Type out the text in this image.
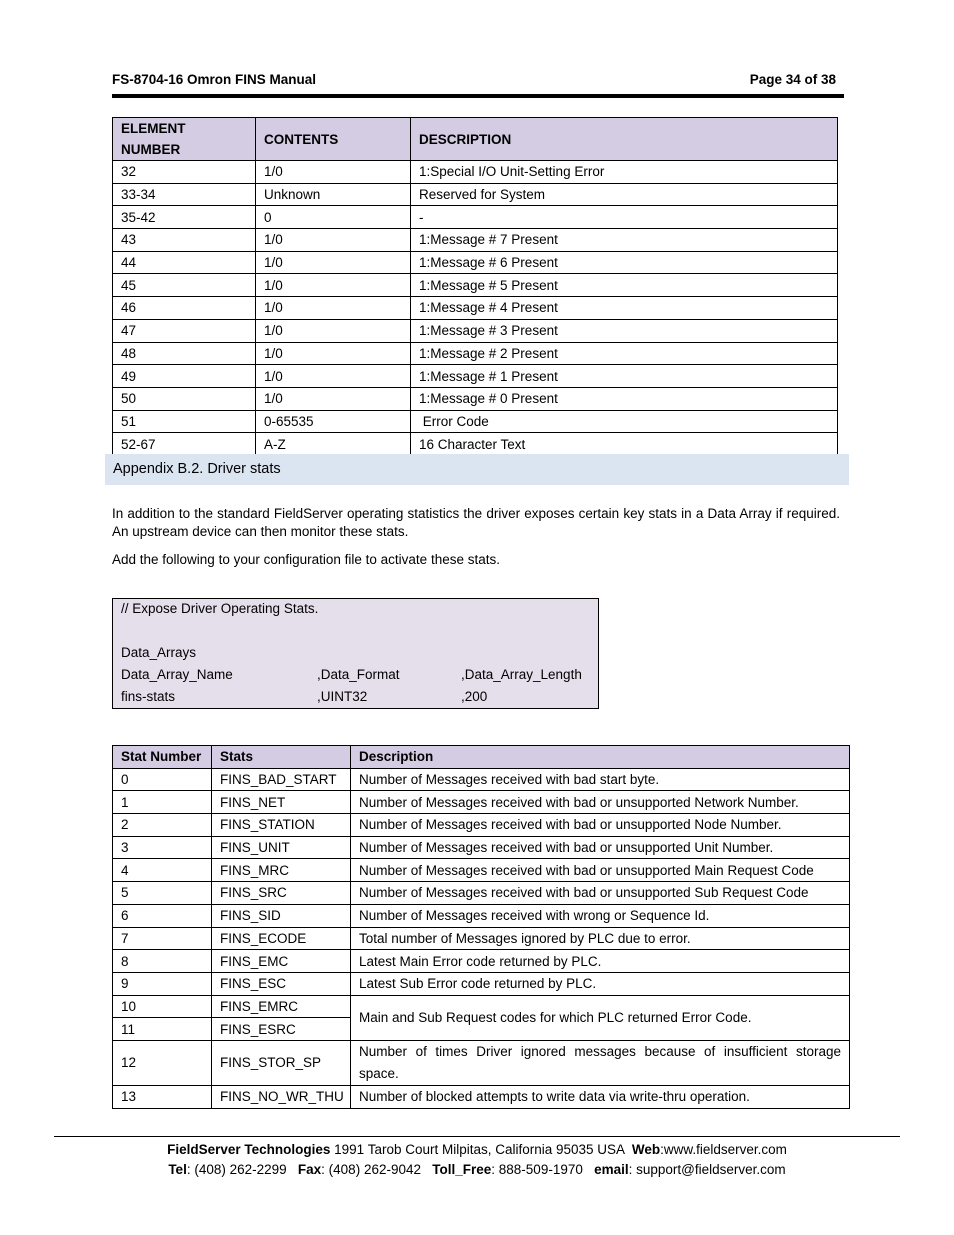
FS-8704-16 Omron FINS Manual	Page 34 of 38
ELEMENT NUMBER	CONTENTS	DESCRIPTION
32	1/0	1:Special I/O Unit-Setting Error
33-34	Unknown	Reserved for System
35-42	0	-
43	1/0	1:Message # 7 Present
44	1/0	1:Message # 6 Present
45	1/0	1:Message # 5 Present
46	1/0	1:Message # 4 Present
47	1/0	1:Message # 3 Present
48	1/0	1:Message # 2 Present
49	1/0	1:Message # 1 Present
50	1/0	1:Message # 0 Present
51	0-65535	Error Code
52-67	A-Z	16 Character Text
Appendix B.2. Driver stats
In addition to the standard FieldServer operating statistics the driver exposes certain key stats in a Data Array if required. An upstream device can then monitor these stats.
Add the following to your configuration file to activate these stats.
// Expose Driver Operating Stats.
Data_Arrays
Data_Array_Name	,Data_Format	,Data_Array_Length
fins-stats	,UINT32	,200
Stat Number	Stats	Description
0	FINS_BAD_START	Number of Messages received with bad start byte.
1	FINS_NET	Number of Messages received with bad or unsupported Network Number.
2	FINS_STATION	Number of Messages received with bad or unsupported Node Number.
3	FINS_UNIT	Number of Messages received with bad or unsupported Unit Number.
4	FINS_MRC	Number of Messages received with bad or unsupported Main Request Code
5	FINS_SRC	Number of Messages received with bad or unsupported Sub Request Code
6	FINS_SID	Number of Messages received with wrong or Sequence Id.
7	FINS_ECODE	Total number of Messages ignored by PLC due to error.
8	FINS_EMC	Latest Main Error code returned by PLC.
9	FINS_ESC	Latest Sub Error code returned by PLC.
10	FINS_EMRC	Main and Sub Request codes for which PLC returned Error Code.
11	FINS_ESRC	
12	FINS_STOR_SP	Number of times Driver ignored messages because of insufficient storage space.
13	FINS_NO_WR_THU	Number of blocked attempts to write data via write-thru operation.
FieldServer Technologies 1991 Tarob Court Milpitas, California 95035 USA  Web:www.fieldserver.com
Tel: (408) 262-2299   Fax: (408) 262-9042   Toll_Free: 888-509-1970   email: support@fieldserver.com
